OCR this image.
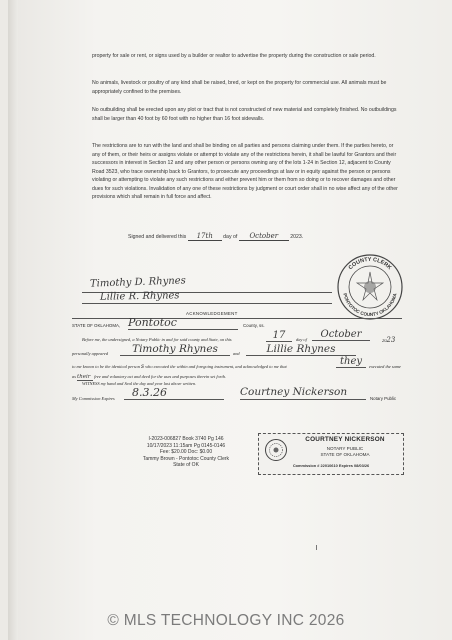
property for sale or rent, or signs used by a builder or realtor to advertise the property during the construction or sale period.
No animals, livestock or poultry of any kind shall be raised, bred, or kept on the property for commercial use. All animals must be appropriately confined to the premises.
No outbuilding shall be erected upon any plot or tract that is not constructed of new material and completely finished. No outbuildings shall be larger than 40 foot by 60 foot with no higher than 16 foot sidewalls.
The restrictions are to run with the land and shall be binding on all parties and persons claiming under them. If the parties hereto, or any of them, or their heirs or assigns violate or attempt to violate any of the restrictions herein, it shall be lawful for Grantors and their successors in interest in Section 12 and any other person or persons owning any of the lots 1-24 in Section 12, adjacent to County Road 3523, who trace ownership back to Grantors, to prosecute any proceedings at law or in equity against the person or persons violating or attempting to violate any such restrictions and either prevent him or them from so doing or to recover damages and other dues for such violations. Invalidation of any one of these restrictions by judgment or court order shall in no wise affect any of the other provisions which shall remain in full force and affect.
Signed and delivered this 17th day of October 2023.
Timothy D. Rhynes
Lillie R. Rhynes
COUNTY CLERK
PONTOTOC COUNTY OKLAHOMA
ACKNOWLEDGEMENT
STATE OF OKLAHOMA, Pontotoc	County, ss.
Before me, the undersigned, a Notary Public in and for said county and State, on this	17	day of	October
2023
personally appeared	Timothy Rhynes	and	Lillie Rhynes
to me known to be the identical person s who executed the within and foregoing instrument, and acknowledged to me that	they	executed the same
as their free and voluntary act and deed for the uses and purposes therein set forth.
WITNESS my hand and Seal the day and year last above written.
My Commission Expires	8.3.26	Courtney Nickerson
Notary Public
I-2023-006827 Book 3740 Pg 146
10/17/2023 11:15am Pg 0145-0146
Fee: $20.00 Doc: $0.00
Tammy Brown - Pontotoc County Clerk
State of OK
COURTNEY NICKERSON
NOTARY PUBLIC
STATE OF OKLAHOMA
Commission # 22010610 Expires 08/03/26
© MLS TECHNOLOGY INC 2026
